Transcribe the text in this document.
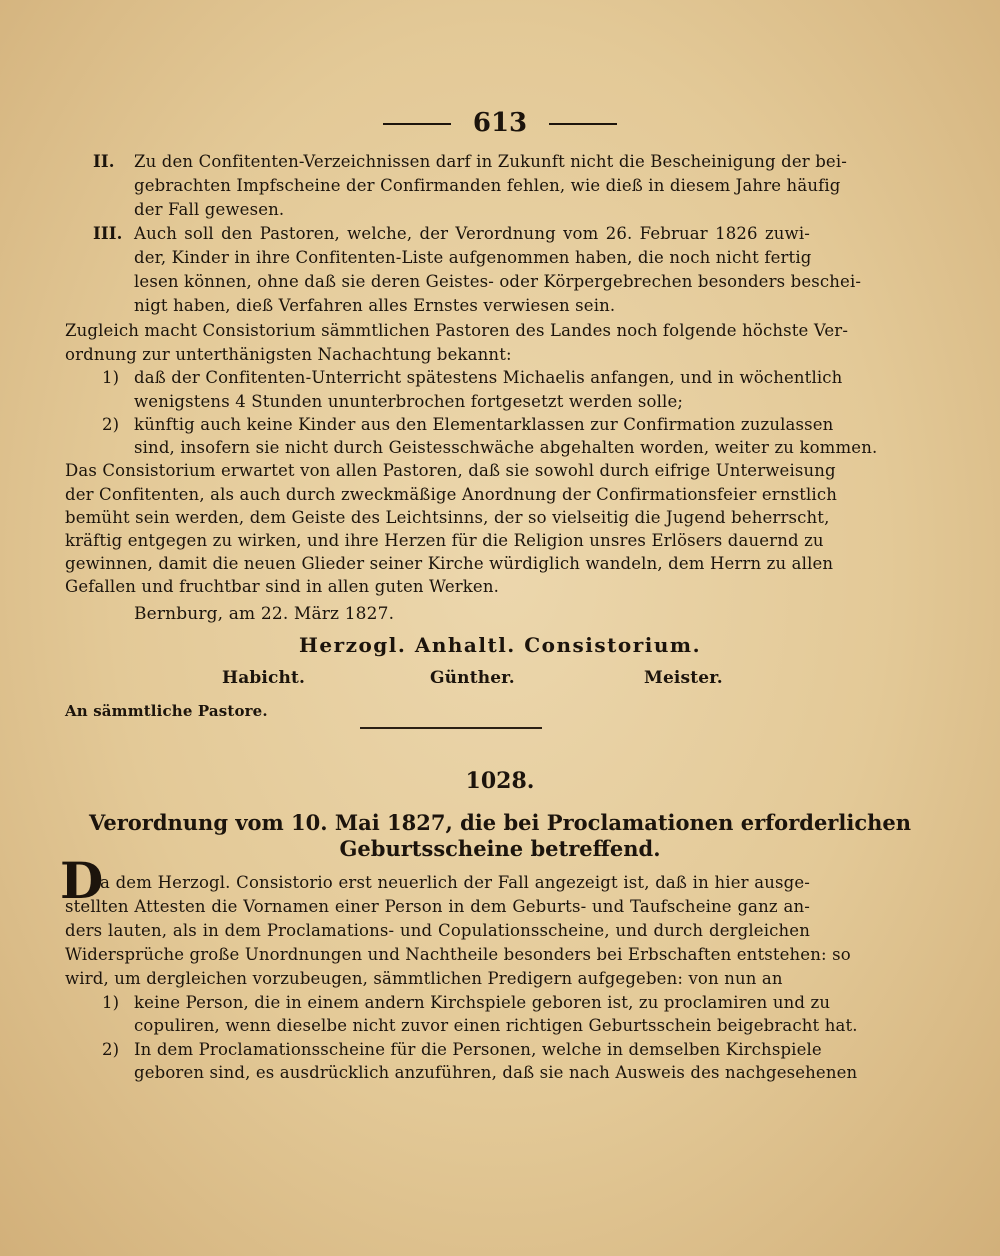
613
II. Zu den Confitenten-Verzeichnissen darf in Zukunft nicht die Bescheinigung der bei-
gebrachten Impfscheine der Confirmanden fehlen, wie dieß in diesem Jahre häufig
der Fall gewesen.
III. Auch soll den Pastoren, welche, der Verordnung vom 26. Februar 1826 zuwi-
der, Kinder in ihre Confitenten-Liste aufgenommen haben, die noch nicht fertig
lesen können, ohne daß sie deren Geistes- oder Körpergebrechen besonders beschei-
nigt haben, dieß Verfahren alles Ernstes verwiesen sein.
Zugleich macht Consistorium sämmtlichen Pastoren des Landes noch folgende höchste Ver-
ordnung zur unterthänigsten Nachachtung bekannt:
1) daß der Confitenten-Unterricht spätestens Michaelis anfangen, und in wöchentlich
wenigstens 4 Stunden ununterbrochen fortgesetzt werden solle;
2) künftig auch keine Kinder aus den Elementarklassen zur Confirmation zuzulassen
sind, insofern sie nicht durch Geistesschwäche abgehalten worden, weiter zu kommen.
Das Consistorium erwartet von allen Pastoren, daß sie sowohl durch eifrige Unterweisung
der Confitenten, als auch durch zweckmäßige Anordnung der Confirmationsfeier ernstlich
bemüht sein werden, dem Geiste des Leichtsinns, der so vielseitig die Jugend beherrscht,
kräftig entgegen zu wirken, und ihre Herzen für die Religion unsres Erlösers dauernd zu
gewinnen, damit die neuen Glieder seiner Kirche würdiglich wandeln, dem Herrn zu allen
Gefallen und fruchtbar sind in allen guten Werken.
Bernburg, am 22. März 1827.
Herzogl. Anhaltl. Consistorium.
Habicht.	Günther.	Meister.
An sämmtliche Pastore.
1028.
Verordnung vom 10. Mai 1827, die bei Proclamationen erforderlichen
Geburtsscheine betreffend.
D
a dem Herzogl. Consistorio erst neuerlich der Fall angezeigt ist, daß in hier ausge-
stellten Attesten die Vornamen einer Person in dem Geburts- und Taufscheine ganz an-
ders lauten, als in dem Proclamations- und Copulationsscheine, und durch dergleichen
Widersprüche große Unordnungen und Nachtheile besonders bei Erbschaften entstehen: so
wird, um dergleichen vorzubeugen, sämmtlichen Predigern aufgegeben: von nun an
1) keine Person, die in einem andern Kirchspiele geboren ist, zu proclamiren und zu
copuliren, wenn dieselbe nicht zuvor einen richtigen Geburtsschein beigebracht hat.
2) In dem Proclamationsscheine für die Personen, welche in demselben Kirchspiele
geboren sind, es ausdrücklich anzuführen, daß sie nach Ausweis des nachgesehenen
